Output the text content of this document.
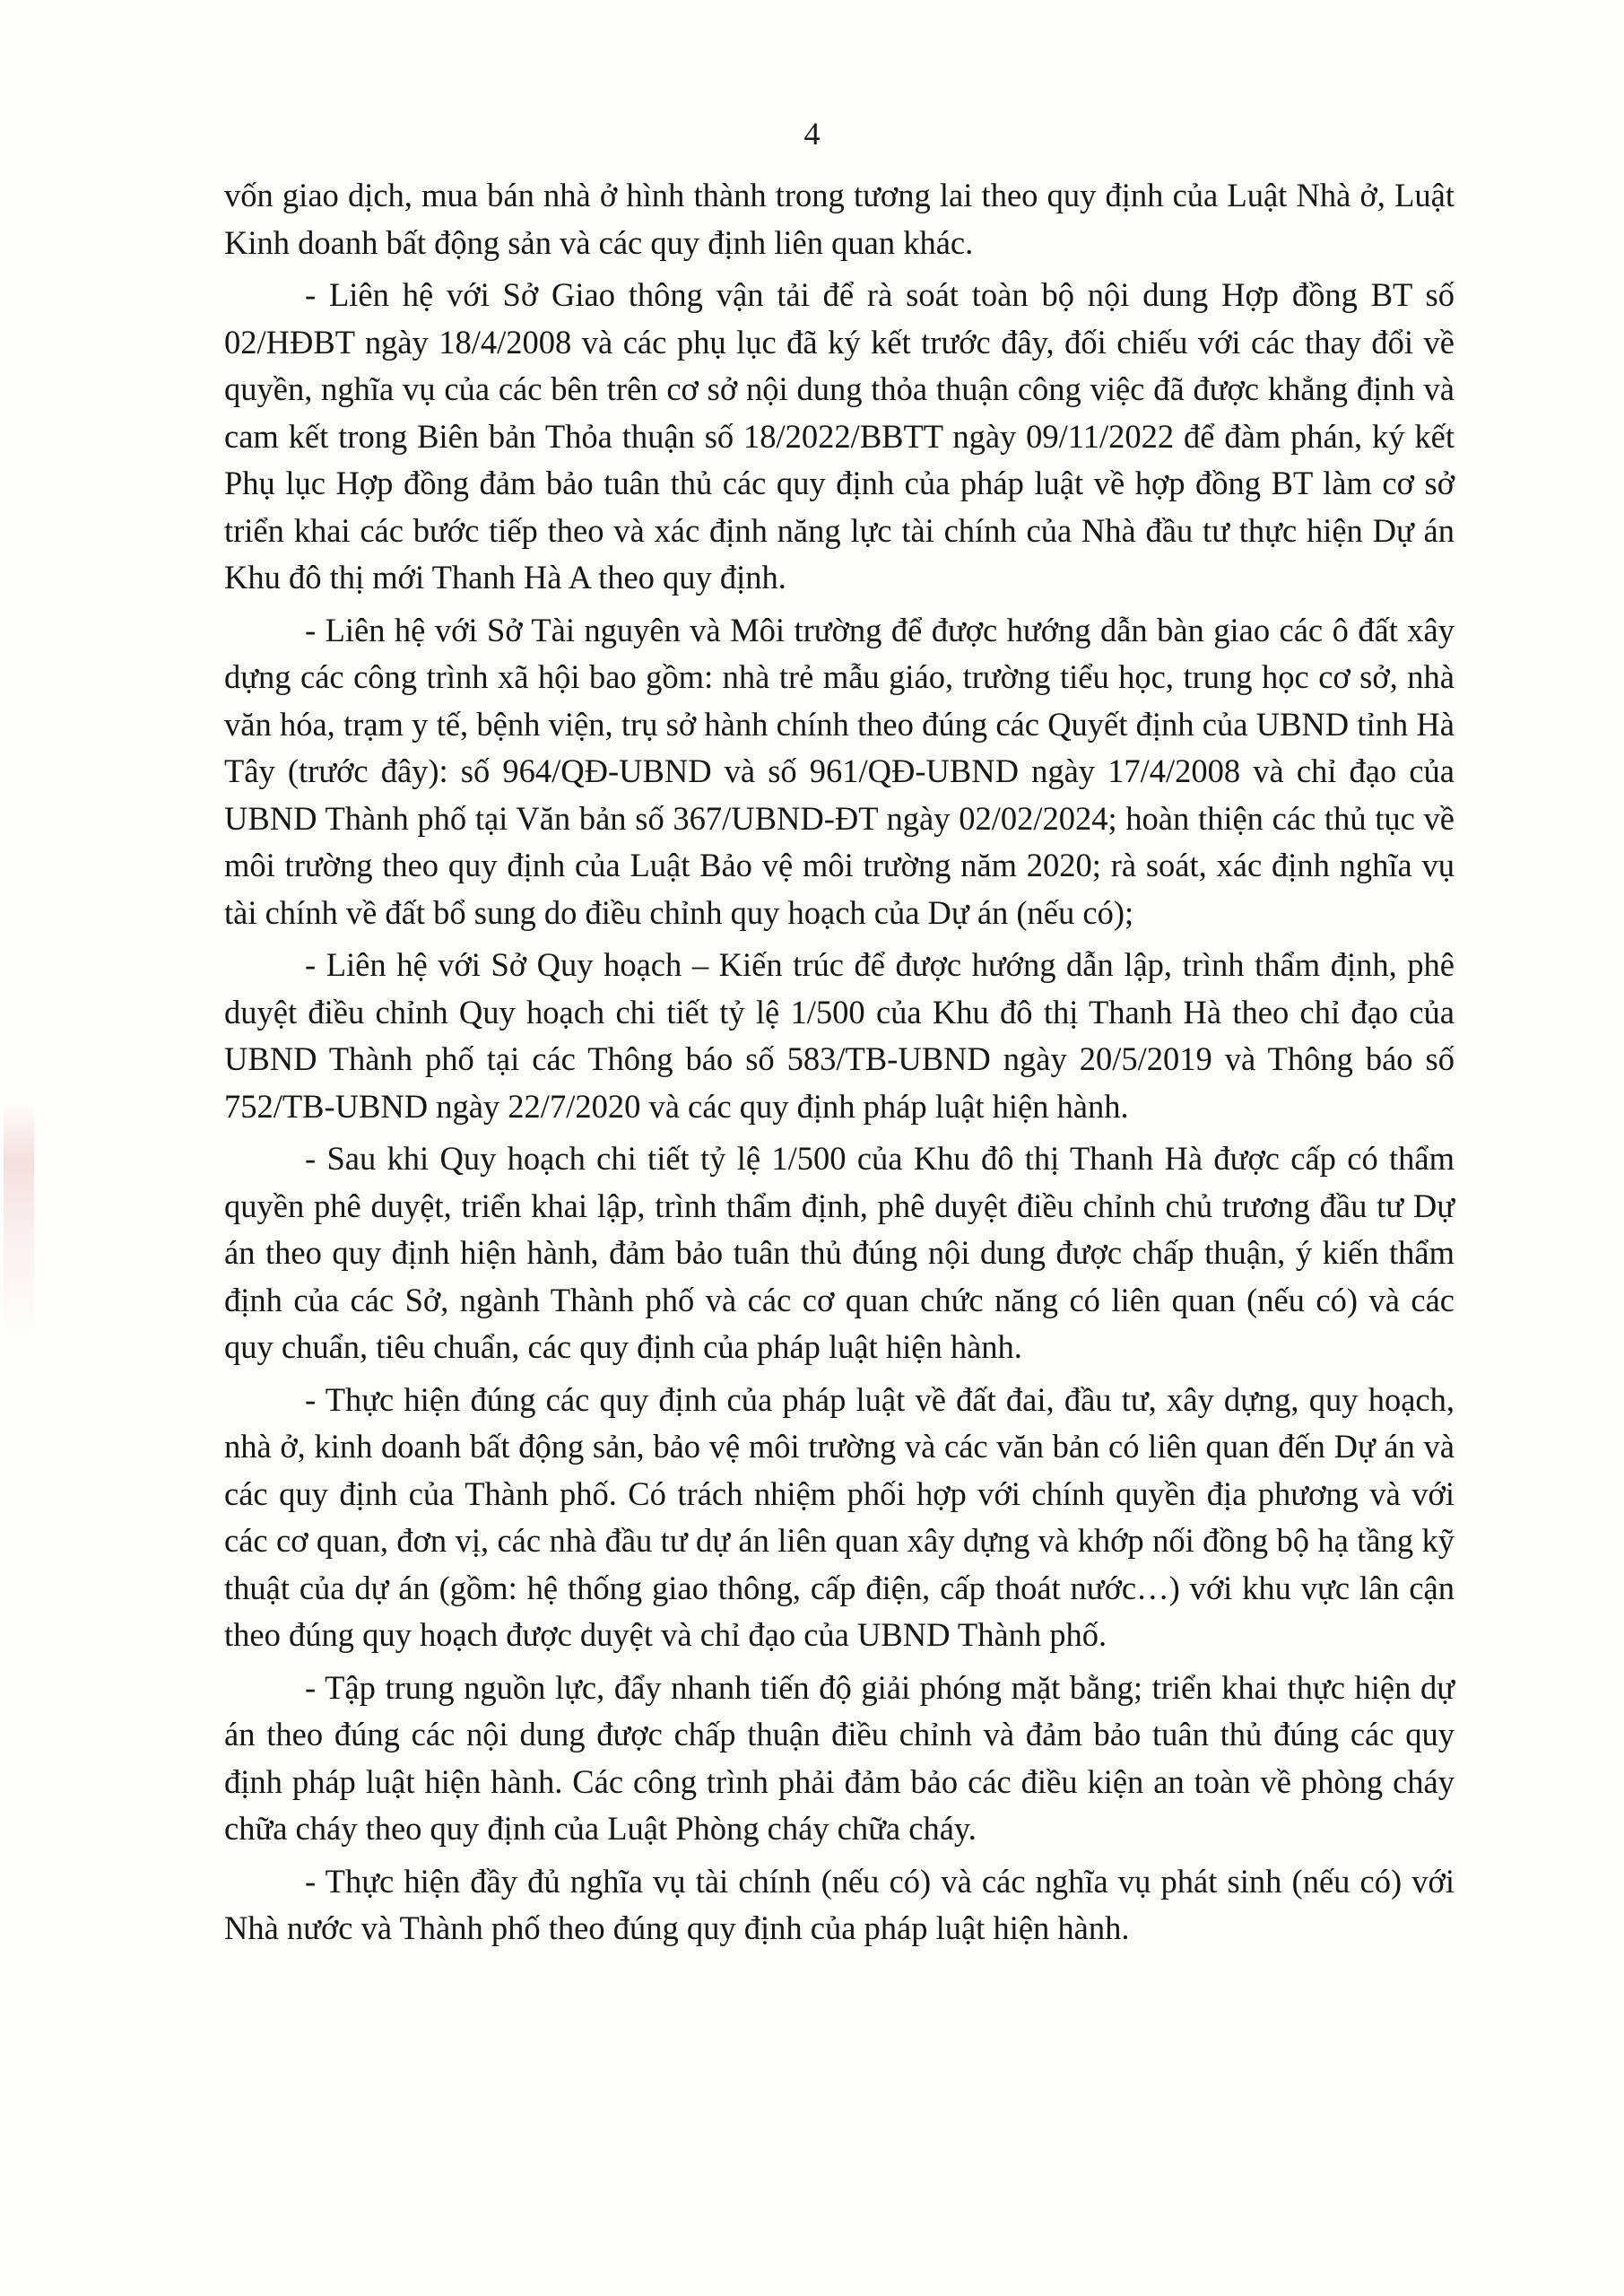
4

vốn giao dịch, mua bán nhà ở hình thành trong tương lai theo quy định của Luật Nhà ở, Luật Kinh doanh bất động sản và các quy định liên quan khác.

- Liên hệ với Sở Giao thông vận tải để rà soát toàn bộ nội dung Hợp đồng BT số 02/HĐBT ngày 18/4/2008 và các phụ lục đã ký kết trước đây, đối chiếu với các thay đổi về quyền, nghĩa vụ của các bên trên cơ sở nội dung thỏa thuận công việc đã được khẳng định và cam kết trong Biên bản Thỏa thuận số 18/2022/BBTT ngày 09/11/2022 để đàm phán, ký kết Phụ lục Hợp đồng đảm bảo tuân thủ các quy định của pháp luật về hợp đồng BT làm cơ sở triển khai các bước tiếp theo và xác định năng lực tài chính của Nhà đầu tư thực hiện Dự án Khu đô thị mới Thanh Hà A theo quy định.

- Liên hệ với Sở Tài nguyên và Môi trường để được hướng dẫn bàn giao các ô đất xây dựng các công trình xã hội bao gồm: nhà trẻ mẫu giáo, trường tiểu học, trung học cơ sở, nhà văn hóa, trạm y tế, bệnh viện, trụ sở hành chính theo đúng các Quyết định của UBND tỉnh Hà Tây (trước đây): số 964/QĐ-UBND và số 961/QĐ-UBND ngày 17/4/2008 và chỉ đạo của UBND Thành phố tại Văn bản số 367/UBND-ĐT ngày 02/02/2024; hoàn thiện các thủ tục về môi trường theo quy định của Luật Bảo vệ môi trường năm 2020; rà soát, xác định nghĩa vụ tài chính về đất bổ sung do điều chỉnh quy hoạch của Dự án (nếu có);

- Liên hệ với Sở Quy hoạch – Kiến trúc để được hướng dẫn lập, trình thẩm định, phê duyệt điều chỉnh Quy hoạch chi tiết tỷ lệ 1/500 của Khu đô thị Thanh Hà theo chỉ đạo của UBND Thành phố tại các Thông báo số 583/TB-UBND ngày 20/5/2019 và Thông báo số 752/TB-UBND ngày 22/7/2020 và các quy định pháp luật hiện hành.

- Sau khi Quy hoạch chi tiết tỷ lệ 1/500 của Khu đô thị Thanh Hà được cấp có thẩm quyền phê duyệt, triển khai lập, trình thẩm định, phê duyệt điều chỉnh chủ trương đầu tư Dự án theo quy định hiện hành, đảm bảo tuân thủ đúng nội dung được chấp thuận, ý kiến thẩm định của các Sở, ngành Thành phố và các cơ quan chức năng có liên quan (nếu có) và các quy chuẩn, tiêu chuẩn, các quy định của pháp luật hiện hành.

- Thực hiện đúng các quy định của pháp luật về đất đai, đầu tư, xây dựng, quy hoạch, nhà ở, kinh doanh bất động sản, bảo vệ môi trường và các văn bản có liên quan đến Dự án và các quy định của Thành phố. Có trách nhiệm phối hợp với chính quyền địa phương và với các cơ quan, đơn vị, các nhà đầu tư dự án liên quan xây dựng và khớp nối đồng bộ hạ tầng kỹ thuật của dự án (gồm: hệ thống giao thông, cấp điện, cấp thoát nước…) với khu vực lân cận theo đúng quy hoạch được duyệt và chỉ đạo của UBND Thành phố.

- Tập trung nguồn lực, đẩy nhanh tiến độ giải phóng mặt bằng; triển khai thực hiện dự án theo đúng các nội dung được chấp thuận điều chỉnh và đảm bảo tuân thủ đúng các quy định pháp luật hiện hành. Các công trình phải đảm bảo các điều kiện an toàn về phòng cháy chữa cháy theo quy định của Luật Phòng cháy chữa cháy.

- Thực hiện đầy đủ nghĩa vụ tài chính (nếu có) và các nghĩa vụ phát sinh (nếu có) với Nhà nước và Thành phố theo đúng quy định của pháp luật hiện hành.
